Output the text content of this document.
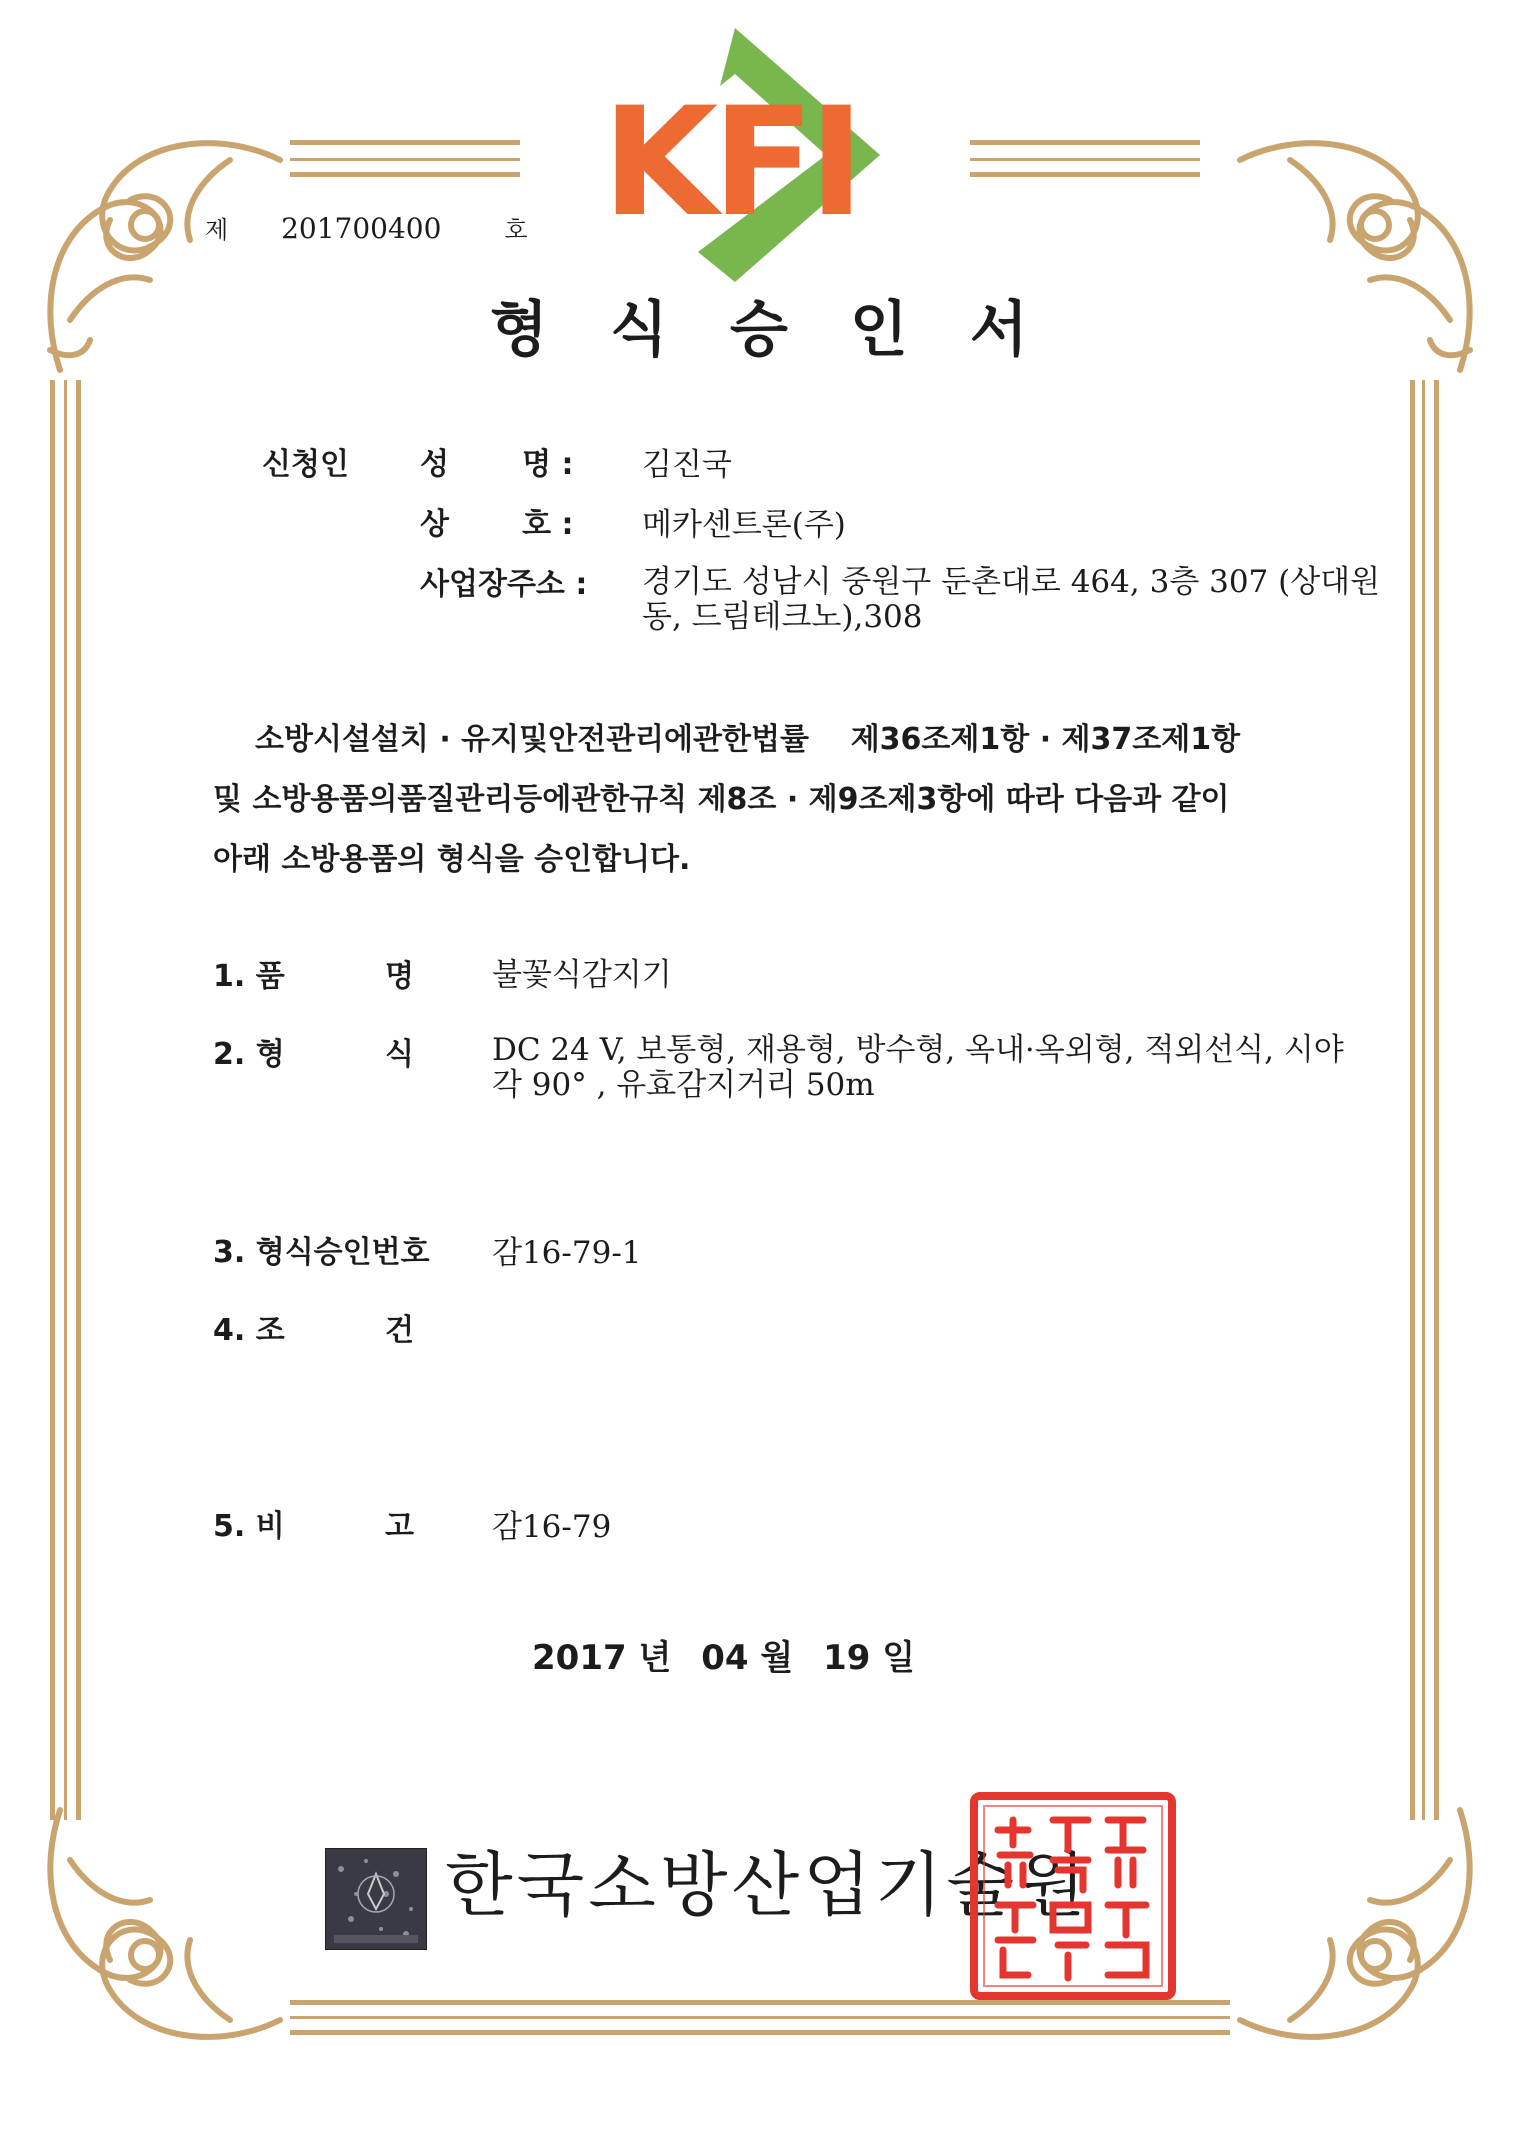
KFI
제 201700400	호
형식승인서
신청인 성       명 : 김진국
상       호 : 메카센트론(주)
사업장주소 : 경기도 성남시 중원구 둔촌대로 464, 3층 307 (상대원동, 드림테크노),308
소방시설설치 · 유지및안전관리에관한법률    제36조제1항 · 제37조제1항
및 소방용품의품질관리등에관한규칙 제8조 · 제9조제3항에 따라 다음과 같이
아래 소방용품의 형식을 승인합니다.
1. 품	명	불꽃식감지기
2. 형	식	DC 24 V, 보통형, 재용형, 방수형, 옥내·옥외형, 적외선식, 시야각 90° , 유효감지거리 50m
3. 형식승인번호 감16-79-1
4. 조	건
5. 비	고	감16-79
2017 년 04 월 19 일
한국소방산업기술원
